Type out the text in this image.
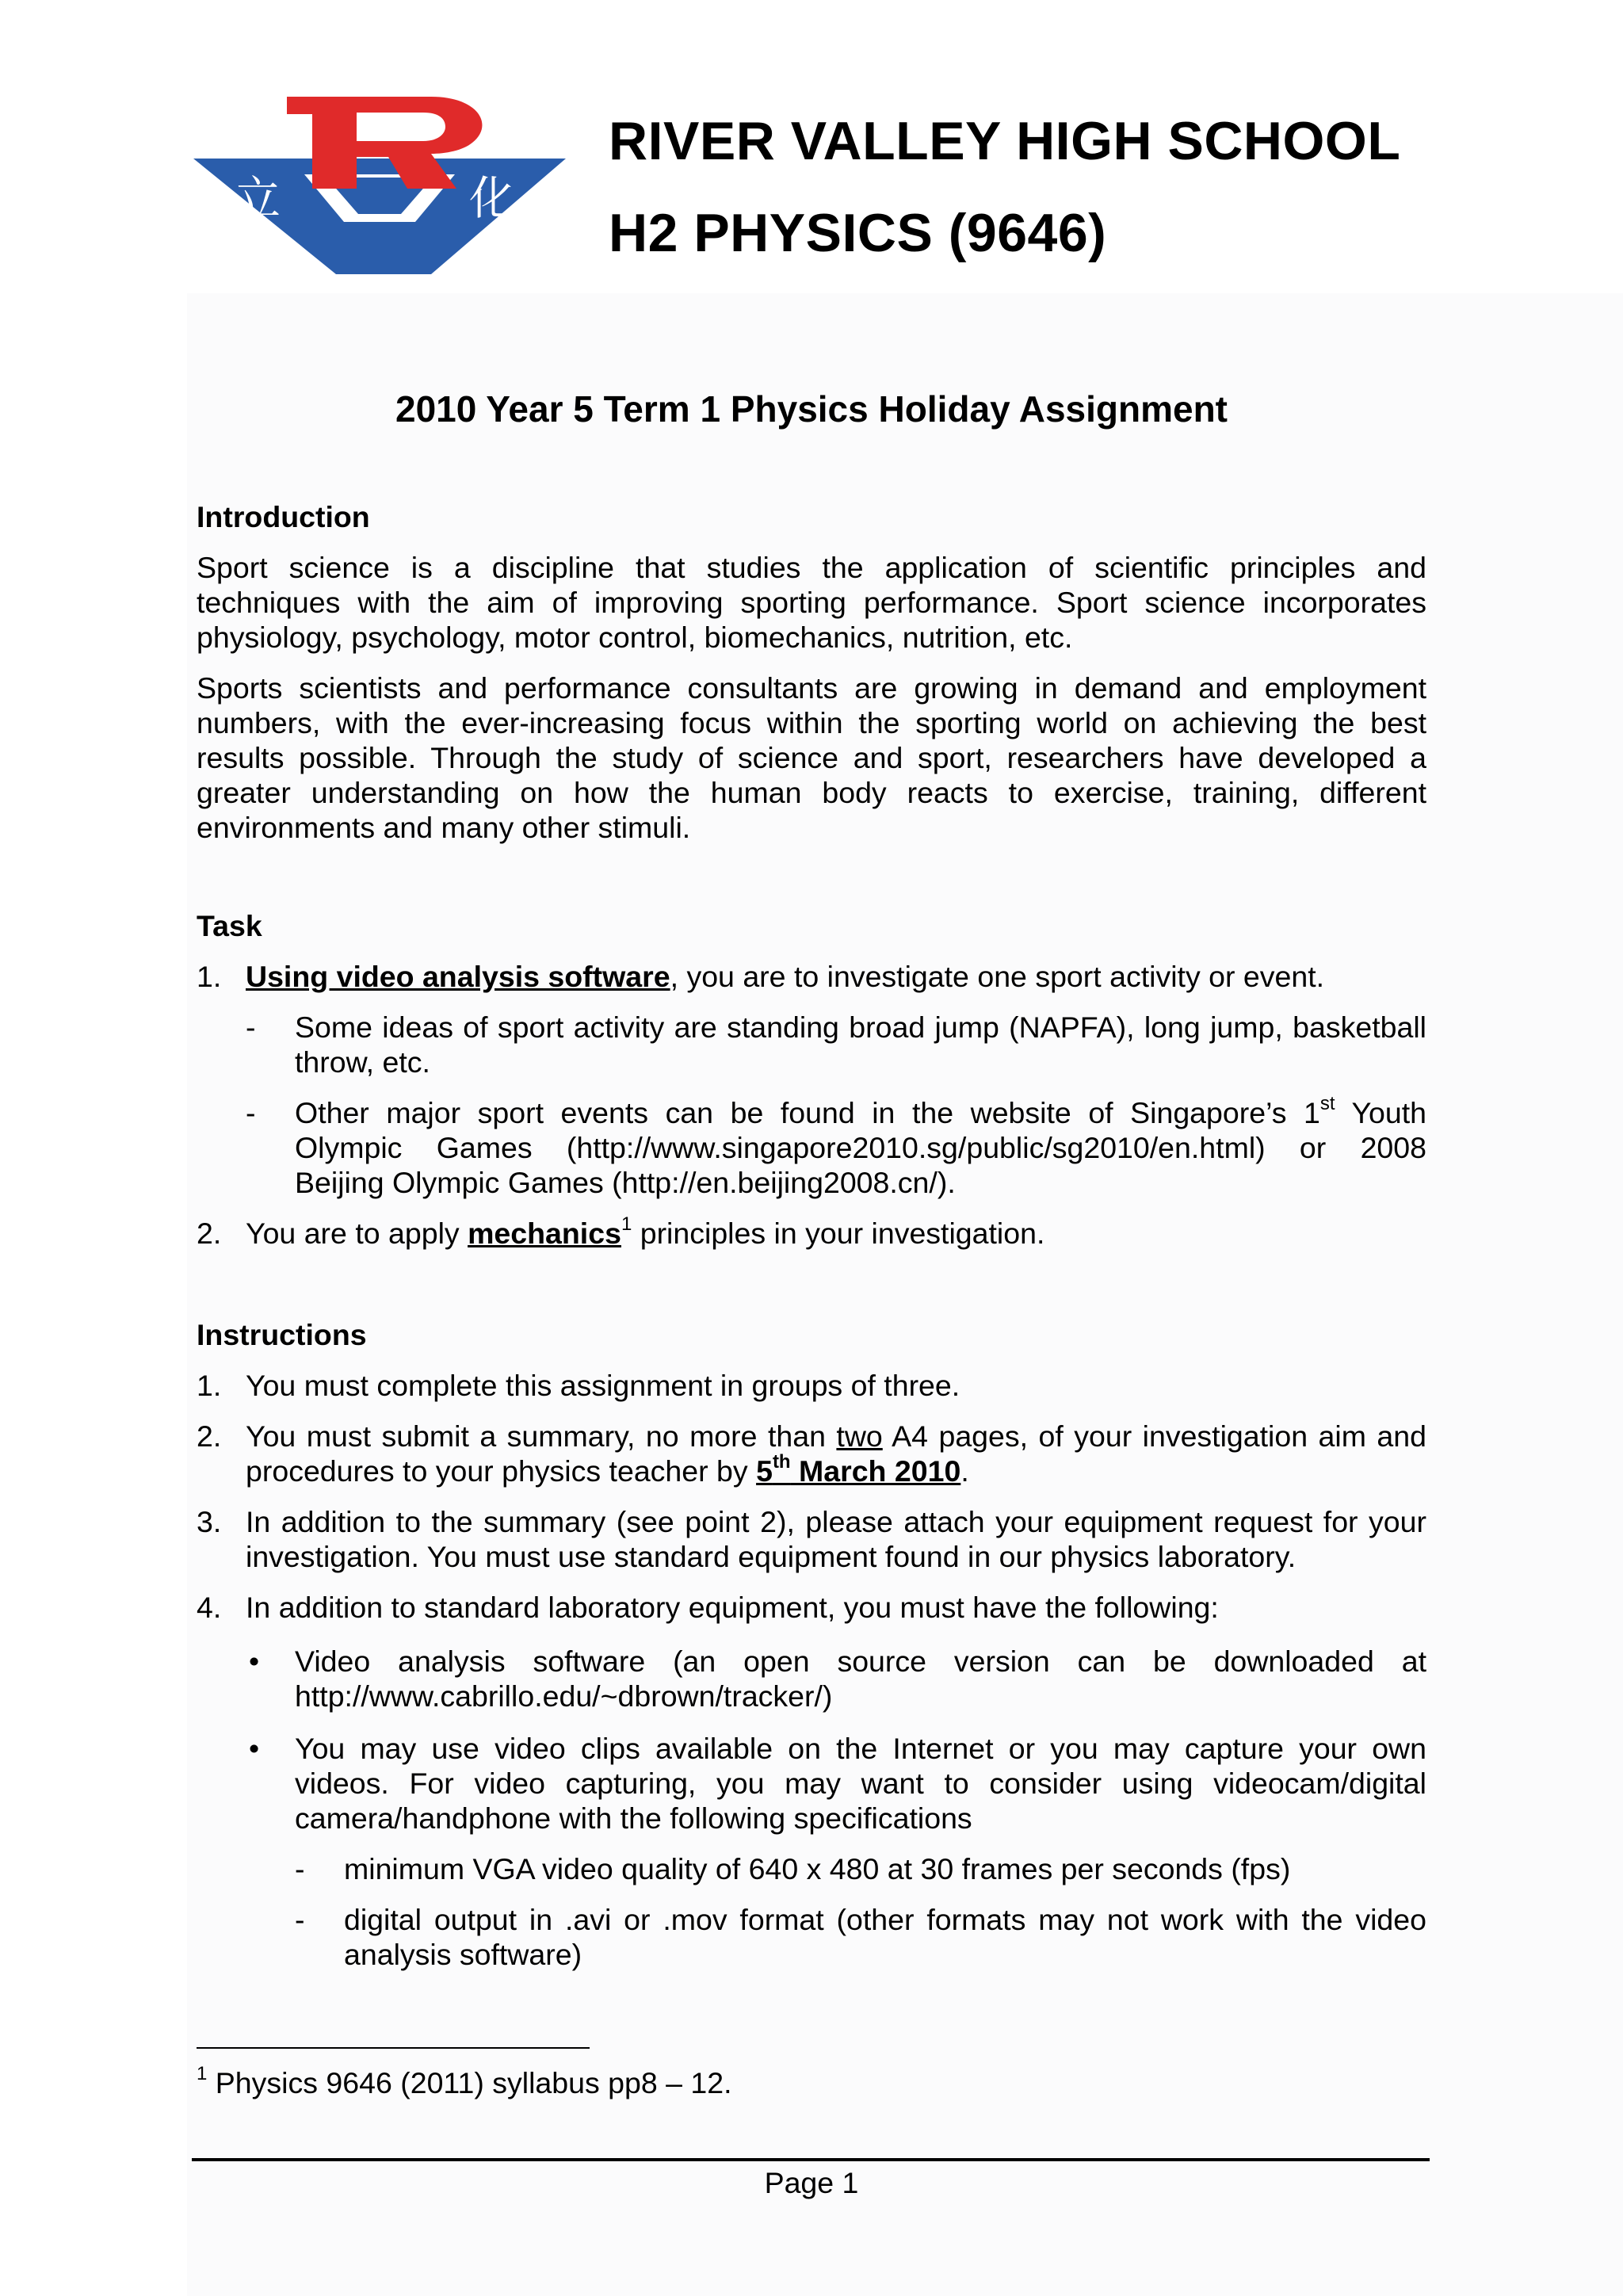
立	化
RIVER VALLEY HIGH SCHOOL
H2 PHYSICS (9646)
2010 Year 5 Term 1 Physics Holiday Assignment
Introduction
Sport science is a discipline that studies the application of scientific principles and
techniques with the aim of improving sporting performance. Sport science incorporates
physiology, psychology, motor control, biomechanics, nutrition, etc.
Sports scientists and performance consultants are growing in demand and employment
numbers, with the ever-increasing focus within the sporting world on achieving the best
results possible. Through the study of science and sport, researchers have developed a
greater understanding on how the human body reacts to exercise, training, different
environments and many other stimuli.
Task
1. Using video analysis software, you are to investigate one sport activity or event.
- Some ideas of sport activity are standing broad jump (NAPFA), long jump, basketball
throw, etc.
- Other major sport events can be found in the website of Singapore’s 1st Youth
Olympic Games (http://www.singapore2010.sg/public/sg2010/en.html) or 2008
Beijing Olympic Games (http://en.beijing2008.cn/).
2. You are to apply mechanics$^1$ principles in your investigation.
Instructions
1. You must complete this assignment in groups of three.
2. You must submit a summary, no more than two A4 pages, of your investigation aim and
procedures to your physics teacher by 5th March 2010.
3. In addition to the summary (see point 2), please attach your equipment request for your
investigation. You must use standard equipment found in our physics laboratory.
4. In addition to standard laboratory equipment, you must have the following:
• Video analysis software (an open source version can be downloaded at
http://www.cabrillo.edu/~dbrown/tracker/)
• You may use video clips available on the Internet or you may capture your own
videos. For video capturing, you may want to consider using videocam/digital
camera/handphone with the following specifications
- minimum VGA video quality of 640 x 480 at 30 frames per seconds (fps)
- digital output in .avi or .mov format (other formats may not work with the video
analysis software)
$^1$ Physics 9646 (2011) syllabus pp8 – 12.
Page 1
